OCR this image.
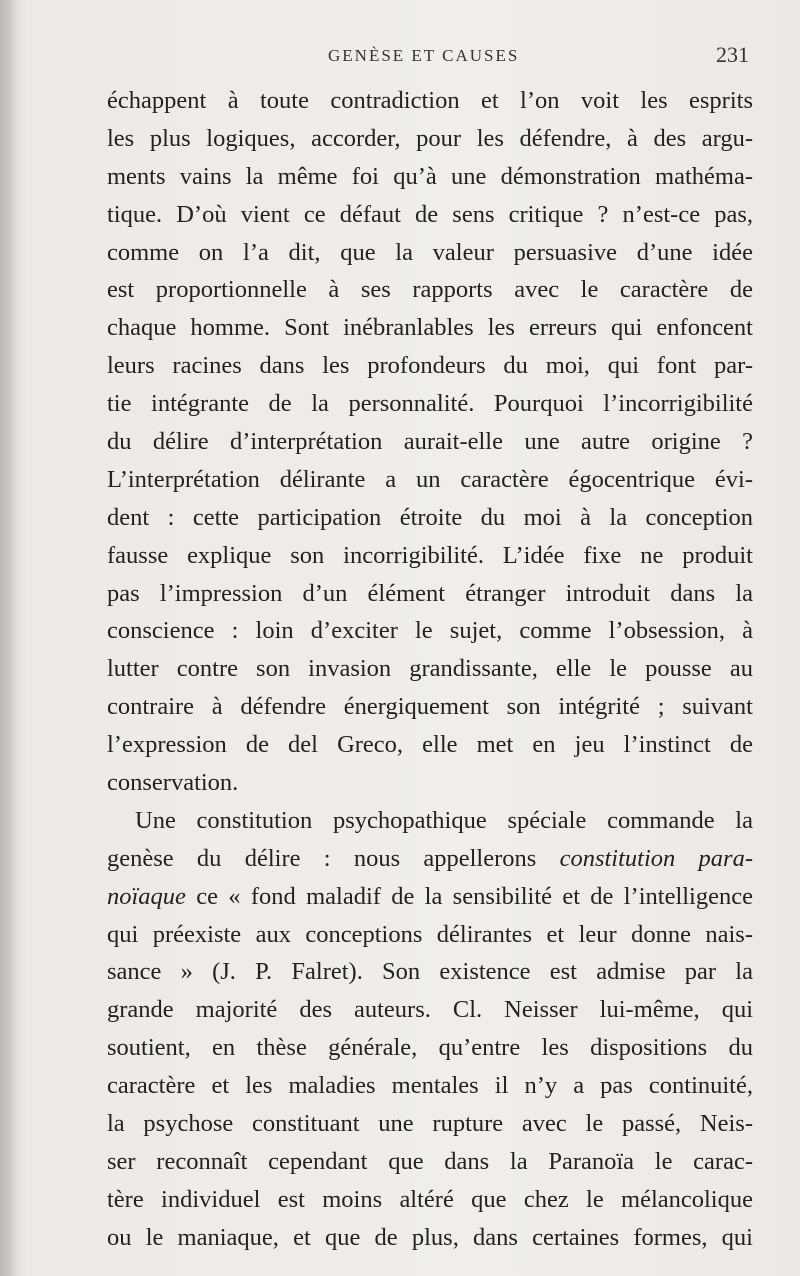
GENÈSE ET CAUSES	231
échappent à toute contradiction et l’on voit les esprits
les plus logiques, accorder, pour les défendre, à des argu-
ments vains la même foi qu’à une démonstration mathéma-
tique. D’où vient ce défaut de sens critique ? n’est-ce pas,
comme on l’a dit, que la valeur persuasive d’une idée
est proportionnelle à ses rapports avec le caractère de
chaque homme. Sont inébranlables les erreurs qui enfoncent
leurs racines dans les profondeurs du moi, qui font par-
tie intégrante de la personnalité. Pourquoi l’incorrigibilité
du délire d’interprétation aurait-elle une autre origine ?
L’interprétation délirante a un caractère égocentrique évi-
dent : cette participation étroite du moi à la conception
fausse explique son incorrigibilité. L’idée fixe ne produit
pas l’impression d’un élément étranger introduit dans la
conscience : loin d’exciter le sujet, comme l’obsession, à
lutter contre son invasion grandissante, elle le pousse au
contraire à défendre énergiquement son intégrité ; suivant
l’expression de del Greco, elle met en jeu l’instinct de
conservation.
Une constitution psychopathique spéciale commande la
genèse du délire : nous appellerons constitution para-
noïaque ce « fond maladif de la sensibilité et de l’intelligence
qui préexiste aux conceptions délirantes et leur donne nais-
sance » (J. P. Falret). Son existence est admise par la
grande majorité des auteurs. Cl. Neisser lui-même, qui
soutient, en thèse générale, qu’entre les dispositions du
caractère et les maladies mentales il n’y a pas continuité,
la psychose constituant une rupture avec le passé, Neis-
ser reconnaît cependant que dans la Paranoïa le carac-
tère individuel est moins altéré que chez le mélancolique
ou le maniaque, et que de plus, dans certaines formes, qui
